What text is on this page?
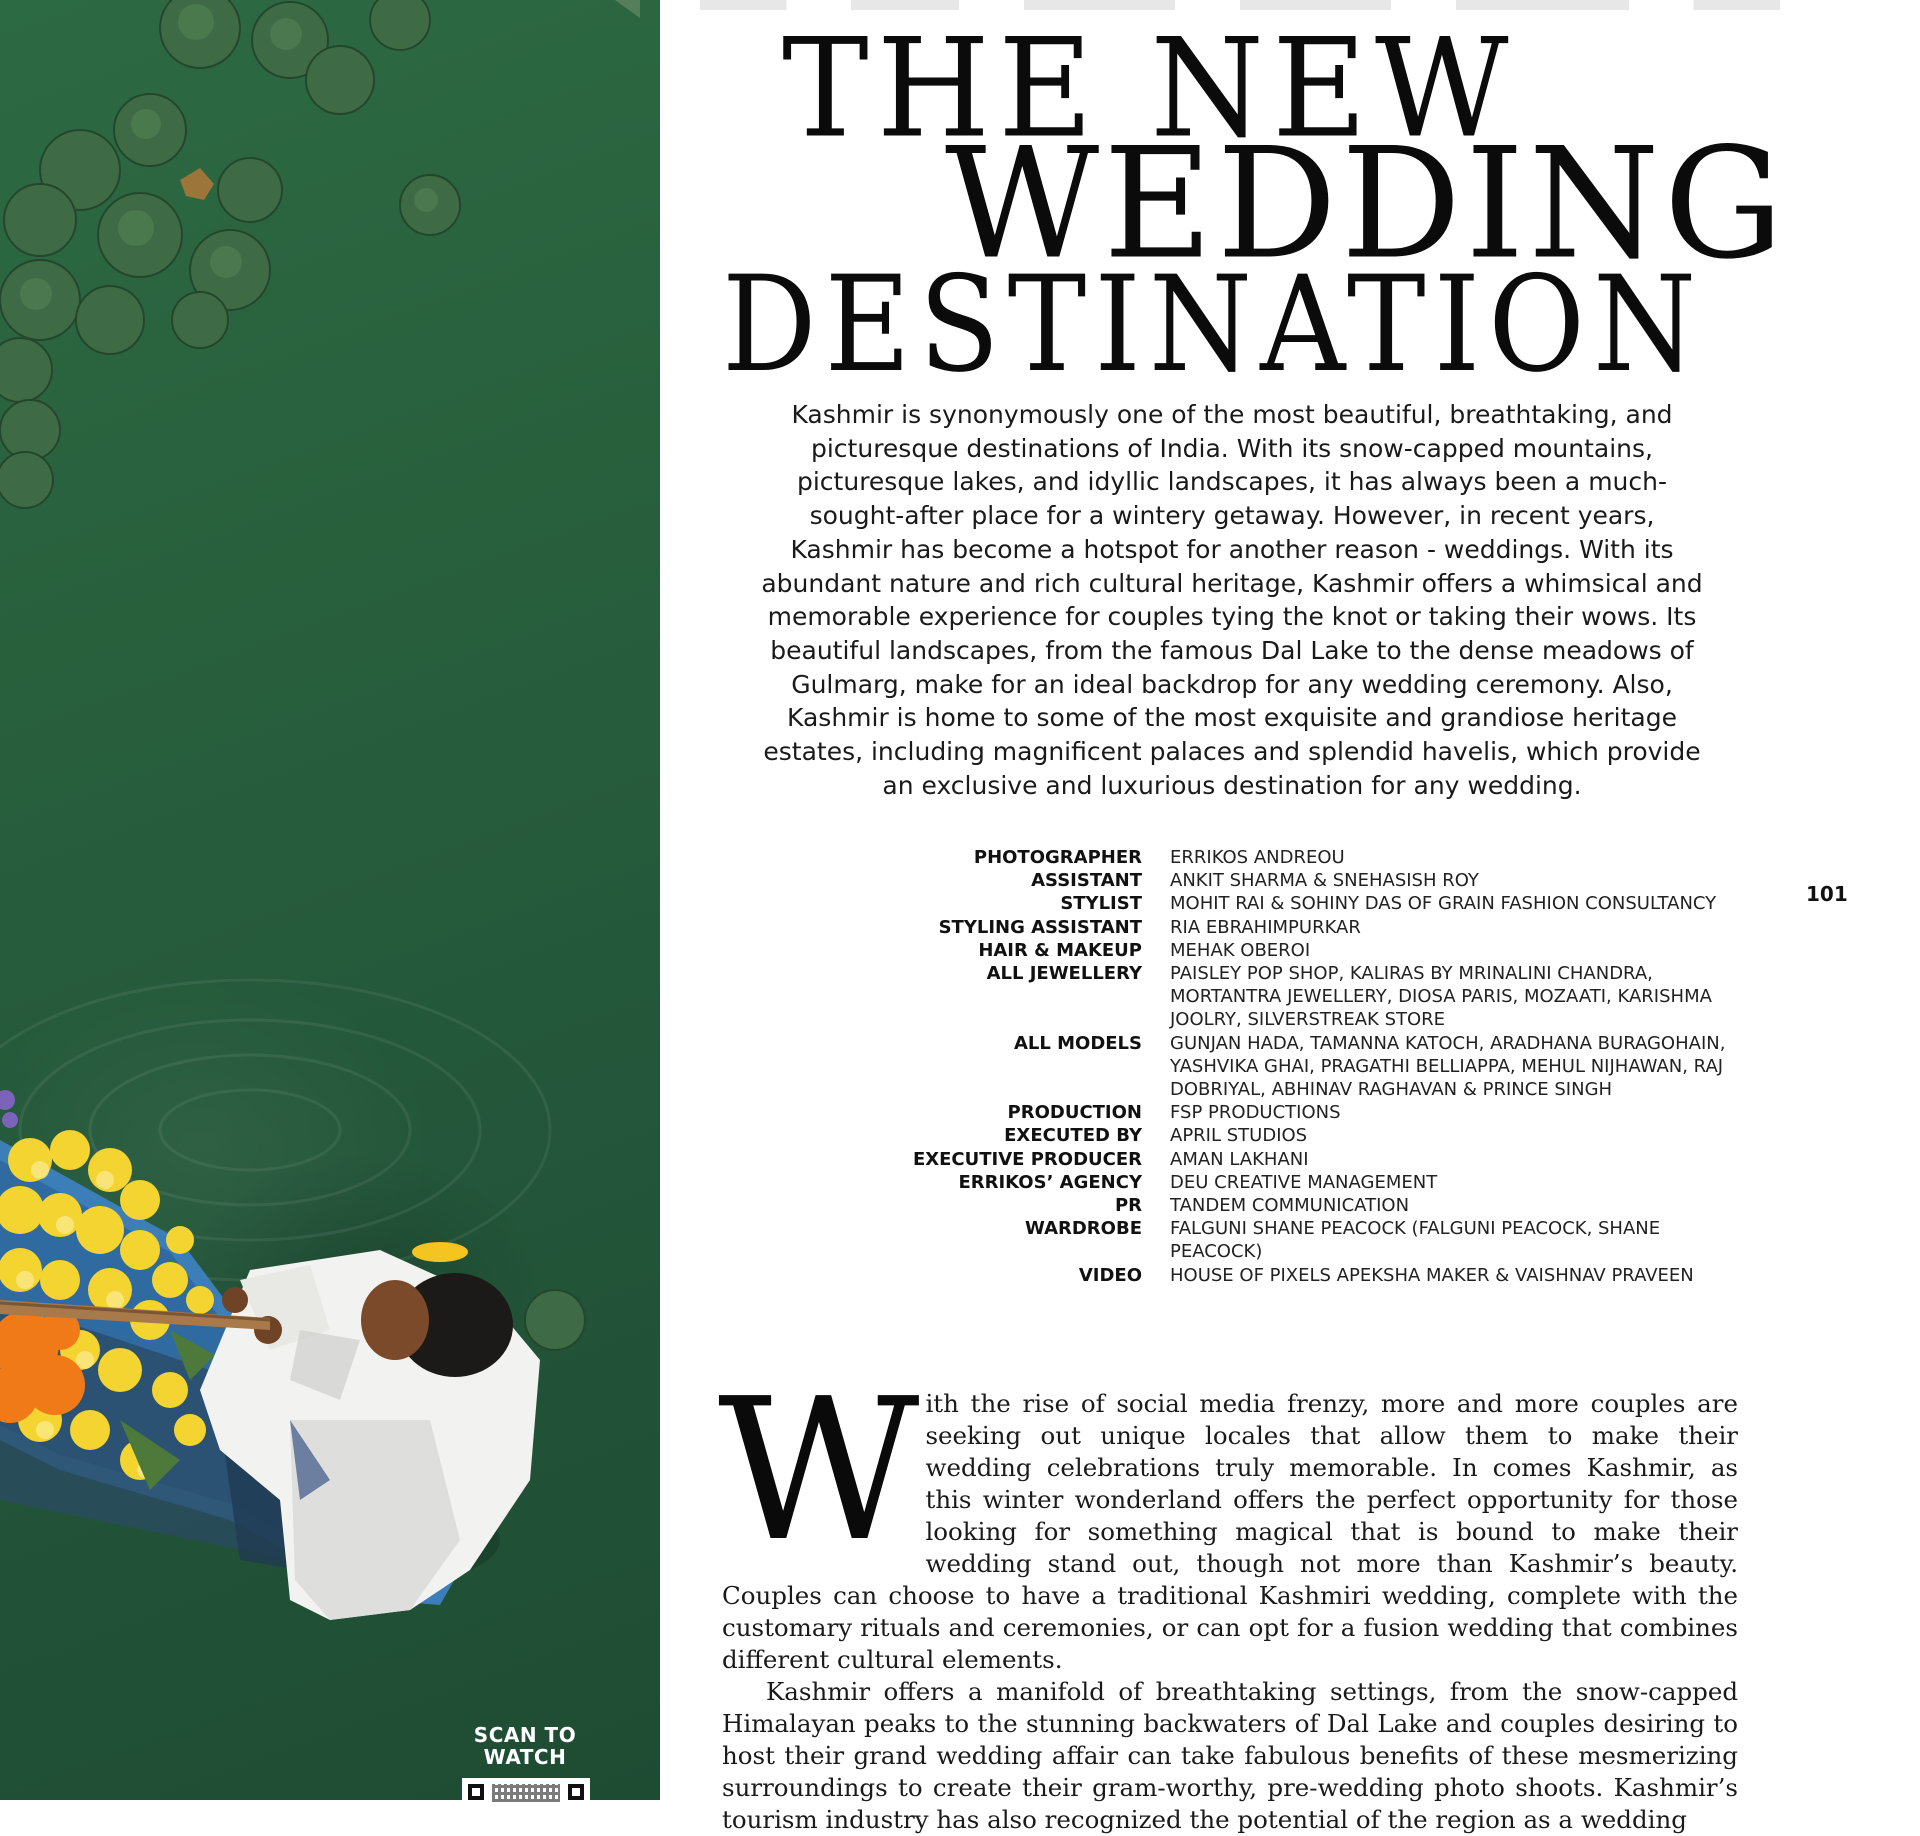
SCAN TO WATCH
THE NEW
WEDDING
DESTINATION

Kashmir is synonymously one of the most beautiful, breathtaking, and picturesque destinations of India. With its snow-capped mountains, picturesque lakes, and idyllic landscapes, it has always been a much-sought-after place for a wintery getaway. However, in recent years, Kashmir has become a hotspot for another reason - weddings. With its abundant nature and rich cultural heritage, Kashmir offers a whimsical and memorable experience for couples tying the knot or taking their wows. Its beautiful landscapes, from the famous Dal Lake to the dense meadows of Gulmarg, make for an ideal backdrop for any wedding ceremony. Also, Kashmir is home to some of the most exquisite and grandiose heritage estates, including magnificent palaces and splendid havelis, which provide an exclusive and luxurious destination for any wedding.

PHOTOGRAPHER	ERRIKOS ANDREOU
ASSISTANT	ANKIT SHARMA & SNEHASISH ROY
STYLIST	MOHIT RAI & SOHINY DAS OF GRAIN FASHION CONSULTANCY
STYLING ASSISTANT	RIA EBRAHIMPURKAR
HAIR & MAKEUP	MEHAK OBEROI
ALL JEWELLERY	PAISLEY POP SHOP, KALIRAS BY MRINALINI CHANDRA, MORTANTRA JEWELLERY, DIOSA PARIS, MOZAATI, KARISHMA JOOLRY, SILVERSTREAK STORE
ALL MODELS	GUNJAN HADA, TAMANNA KATOCH, ARADHANA BURAGOHAIN, YASHVIKA GHAI, PRAGATHI BELLIAPPA, MEHUL NIJHAWAN, RAJ DOBRIYAL, ABHINAV RAGHAVAN & PRINCE SINGH
PRODUCTION	FSP PRODUCTIONS
EXECUTED BY	APRIL STUDIOS
EXECUTIVE PRODUCER	AMAN LAKHANI
ERRIKOS’ AGENCY	DEU CREATIVE MANAGEMENT
PR	TANDEM COMMUNICATION
WARDROBE	FALGUNI SHANE PEACOCK (FALGUNI PEACOCK, SHANE PEACOCK)
VIDEO	HOUSE OF PIXELS APEKSHA MAKER & VAISHNAV PRAVEEN
101
W ith the rise of social media frenzy, more and more couples are seeking out unique locales that allow them to make their wedding celebrations truly memorable. In comes Kashmir, as this winter wonderland offers the perfect opportunity for those looking for something magical that is bound to make their wedding stand out, though not more than Kashmir’s beauty. Couples can choose to have a traditional Kashmiri wedding, complete with the customary rituals and ceremonies, or can opt for a fusion wedding that combines different cultural elements.

Kashmir offers a manifold of breathtaking settings, from the snow-capped Himalayan peaks to the stunning backwaters of Dal Lake and couples desiring to host their grand wedding affair can take fabulous benefits of these mesmerizing surroundings to create their gram-worthy, pre-wedding photo shoots. Kashmir’s tourism industry has also recognized the potential of the region as a wedding
